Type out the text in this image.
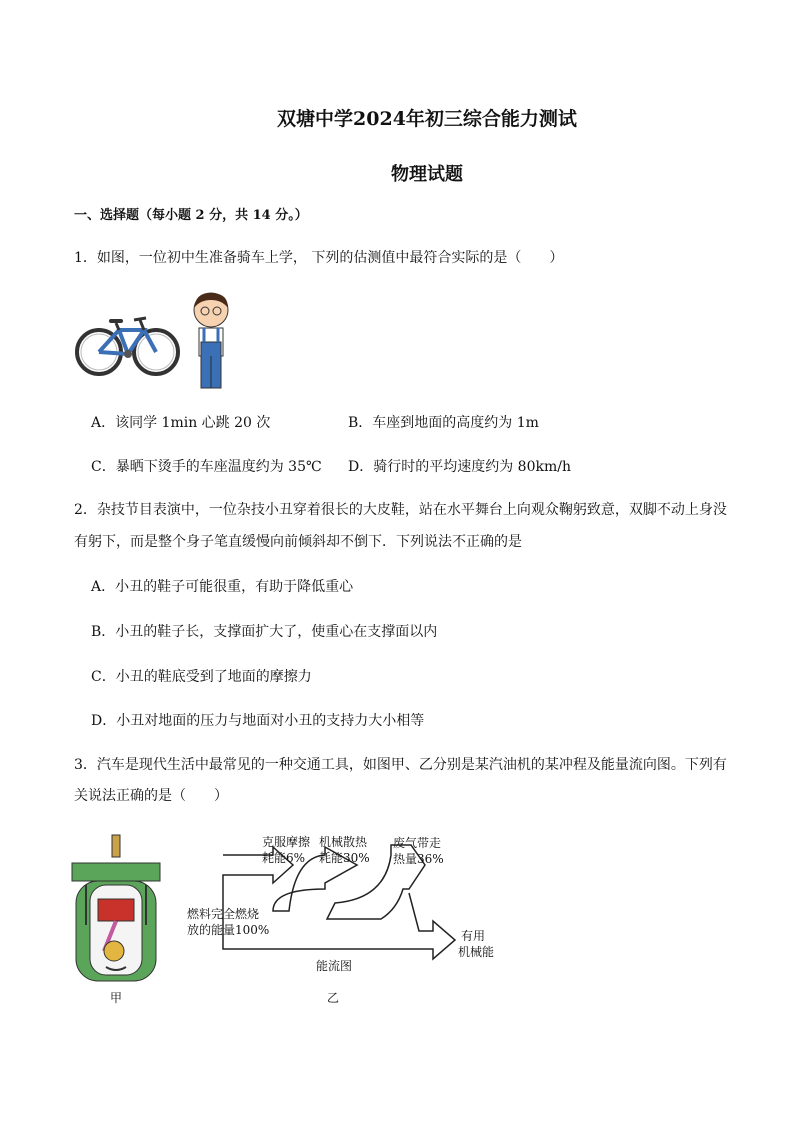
双塘中学2024年初三综合能力测试
物理试题
一、选择题（每小题 2 分，共 14 分。）
1．如图，一位初中生准备骑车上学， 下列的估测值中最符合实际的是（　　）
A．该同学 1min 心跳 20 次	B．车座到地面的高度约为 1m
C．暴晒下烫手的车座温度约为 35℃ D．骑行时的平均速度约为 80km/h
2．杂技节目表演中，一位杂技小丑穿着很长的大皮鞋，站在水平舞台上向观众鞠躬致意，双脚不动上身没
有躬下，而是整个身子笔直缓慢向前倾斜却不倒下．下列说法不正确的是
A．小丑的鞋子可能很重，有助于降低重心
B．小丑的鞋子长，支撑面扩大了，使重心在支撑面以内
C．小丑的鞋底受到了地面的摩擦力
D．小丑对地面的压力与地面对小丑的支持力大小相等
3．汽车是现代生活中最常见的一种交通工具，如图甲、乙分别是某汽油机的某冲程及能量流向图。下列有
关说法正确的是（　　）
甲
克服摩擦
耗能6%
机械散热
耗能30%
废气带走
热量36%
燃料完全燃烧
放的能量100%	有用
机械能
能流图
乙
